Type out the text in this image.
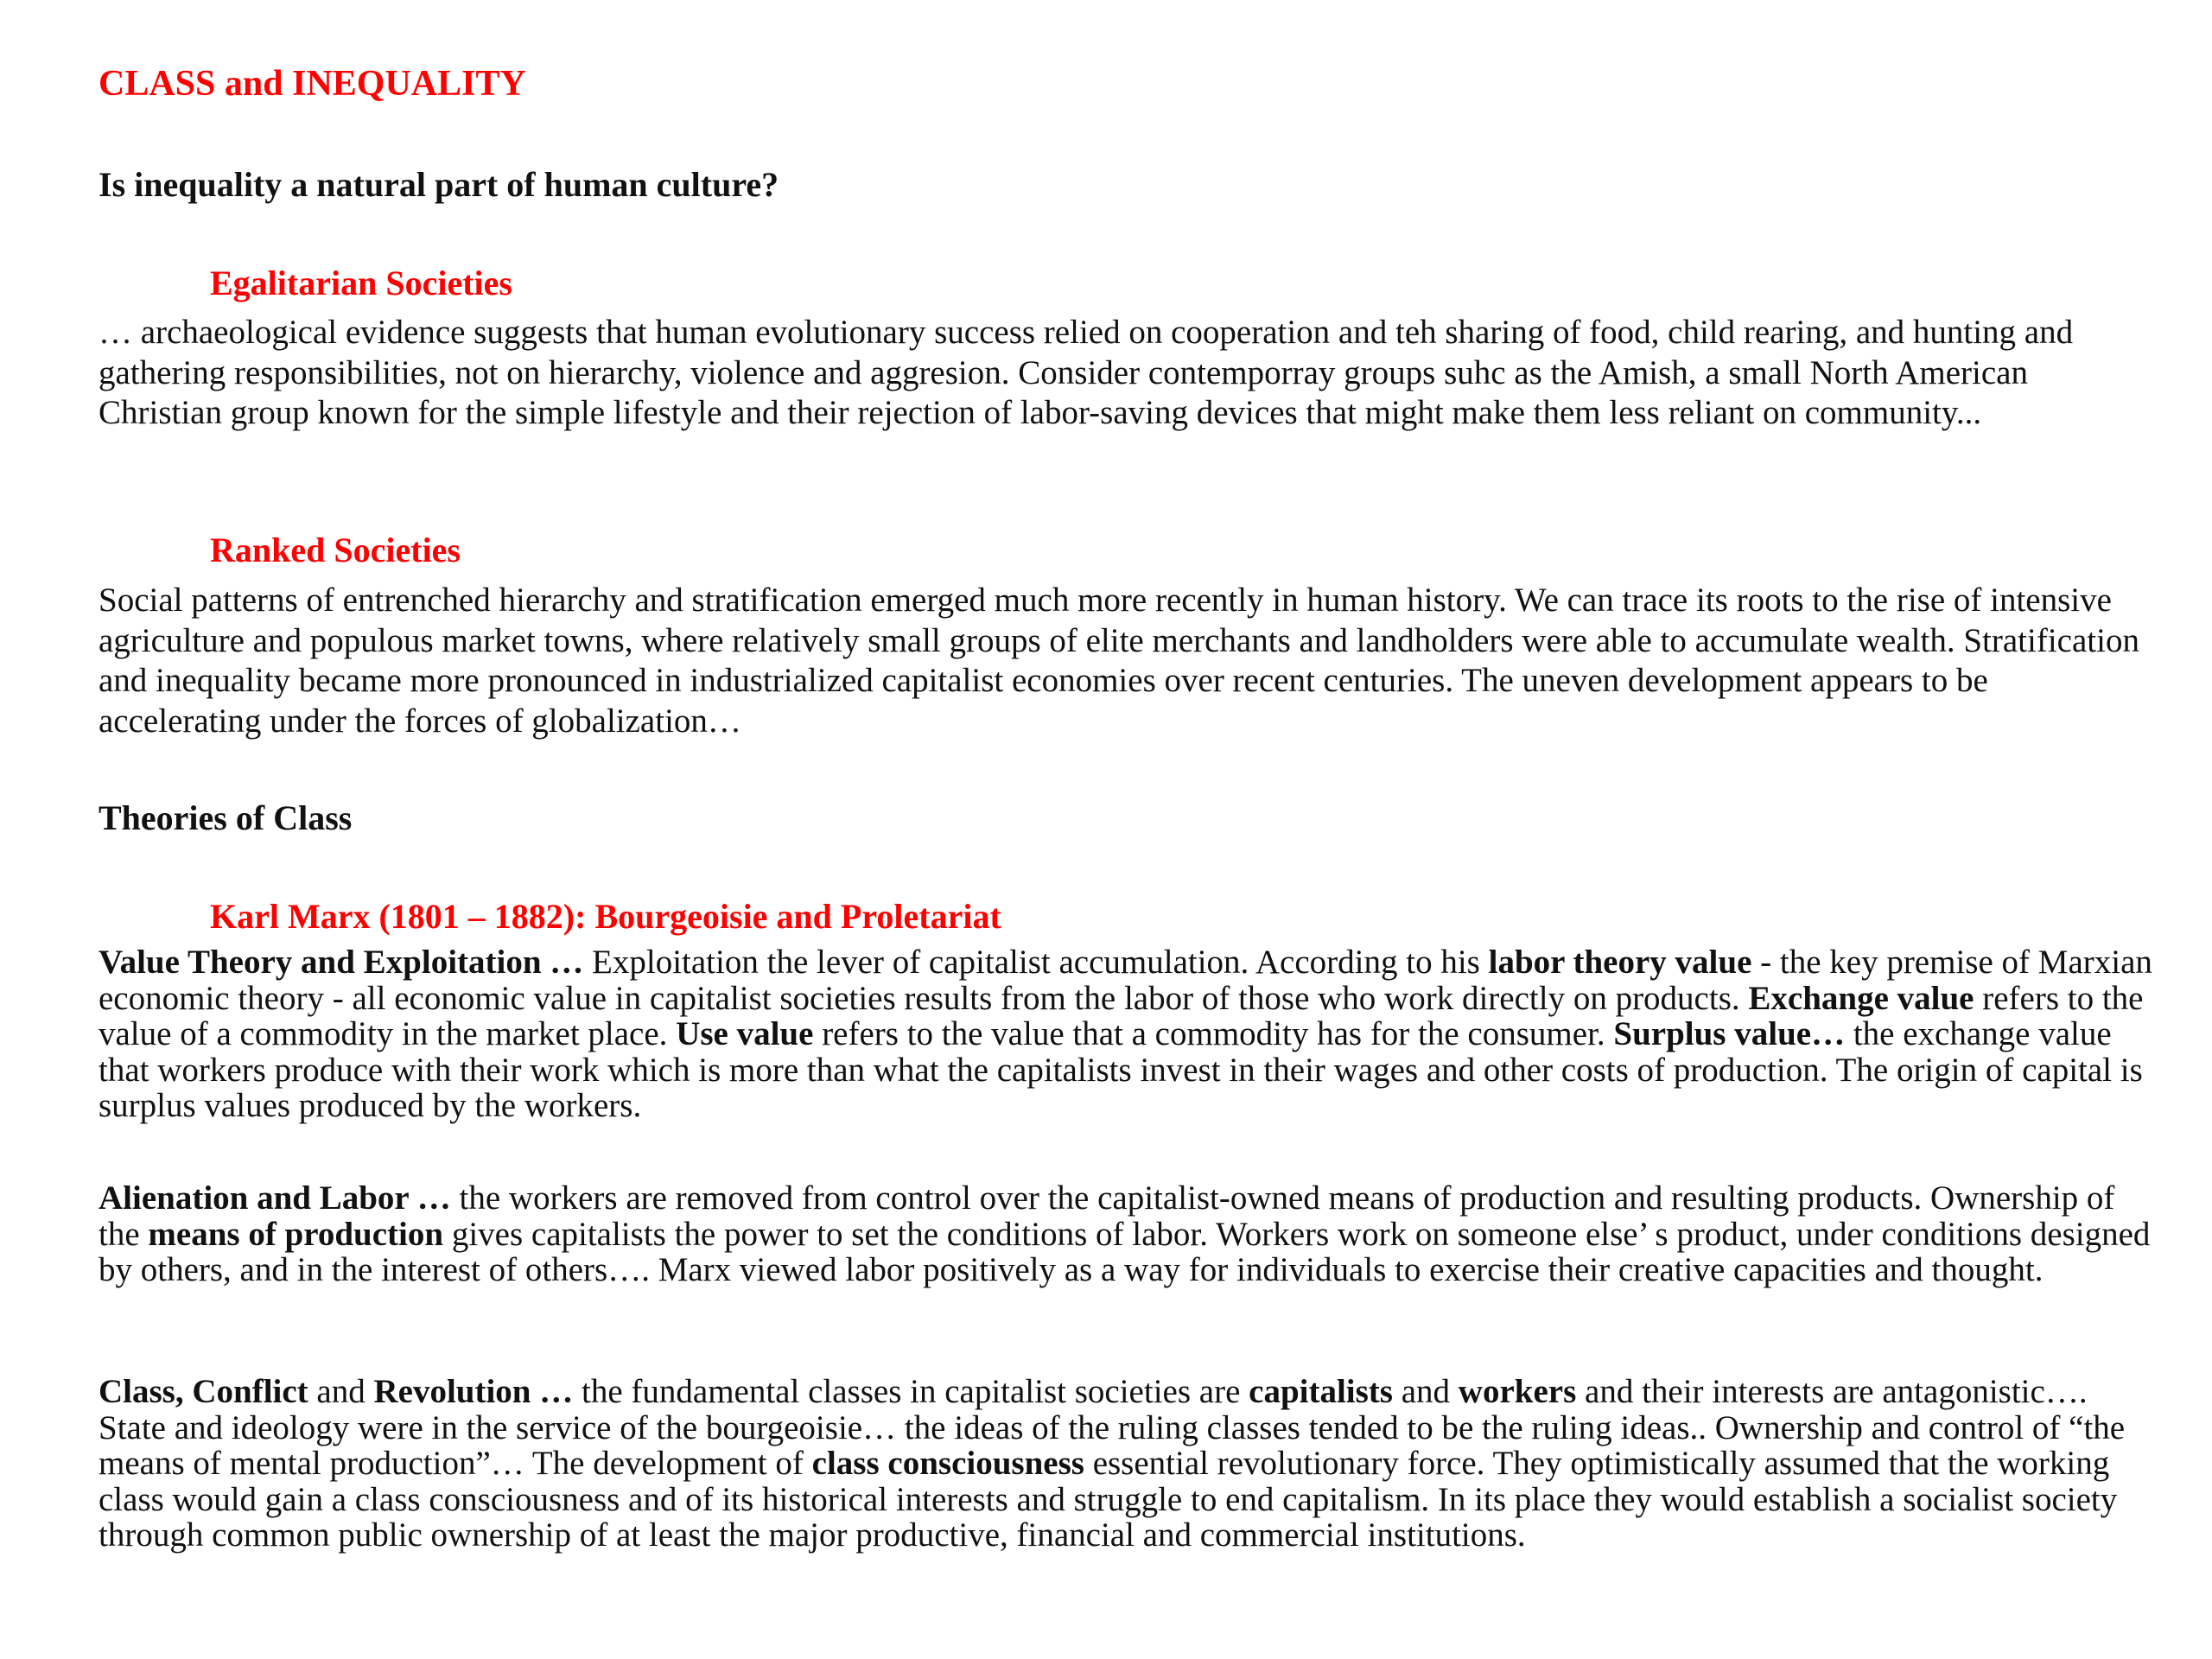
CLASS and INEQUALITY
Is inequality a natural part of human culture?
Egalitarian Societies

… archaeological evidence suggests that human evolutionary success relied on cooperation and teh sharing of food, child rearing, and hunting and gathering responsibilities, not on hierarchy, violence and aggresion. Consider contemporray groups suhc as the Amish, a small North American Christian group known for the simple lifestyle and their rejection of labor-saving devices that might make them less reliant on community...

Ranked Societies

Social patterns of entrenched hierarchy and stratification emerged much more recently in human history. We can trace its roots to the rise of intensive agriculture and populous market towns, where relatively small groups of elite merchants and landholders were able to accumulate wealth. Stratification and inequality became more pronounced in industrialized capitalist economies over recent centuries. The uneven development appears to be accelerating under the forces of globalization…

Theories of Class
Karl Marx (1801 – 1882): Bourgeoisie and Proletariat

Value Theory and Exploitation … Exploitation the lever of capitalist accumulation. According to his labor theory value - the key premise of Marxian economic theory - all economic value in capitalist societies results from the labor of those who work directly on products. Exchange value refers to the value of a commodity in the market place. Use value refers to the value that a commodity has for the consumer. Surplus value… the exchange value that workers produce with their work which is more than what the capitalists invest in their wages and other costs of production. The origin of capital is surplus values produced by the workers.

Alienation and Labor … the workers are removed from control over the capitalist-owned means of production and resulting products. Ownership of the means of production gives capitalists the power to set the conditions of labor. Workers work on someone else’ s product, under conditions designed by others, and in the interest of others…. Marx viewed labor positively as a way for individuals to exercise their creative capacities and thought.

Class, Conflict and Revolution … the fundamental classes in capitalist societies are capitalists and workers and their interests are antagonistic…. State and ideology were in the service of the bourgeoisie… the ideas of the ruling classes tended to be the ruling ideas.. Ownership and control of “the means of mental production”… The development of class consciousness essential revolutionary force. They optimistically assumed that the working class would gain a class consciousness and of its historical interests and struggle to end capitalism. In its place they would establish a socialist society through common public ownership of at least the major productive, financial and commercial institutions.
